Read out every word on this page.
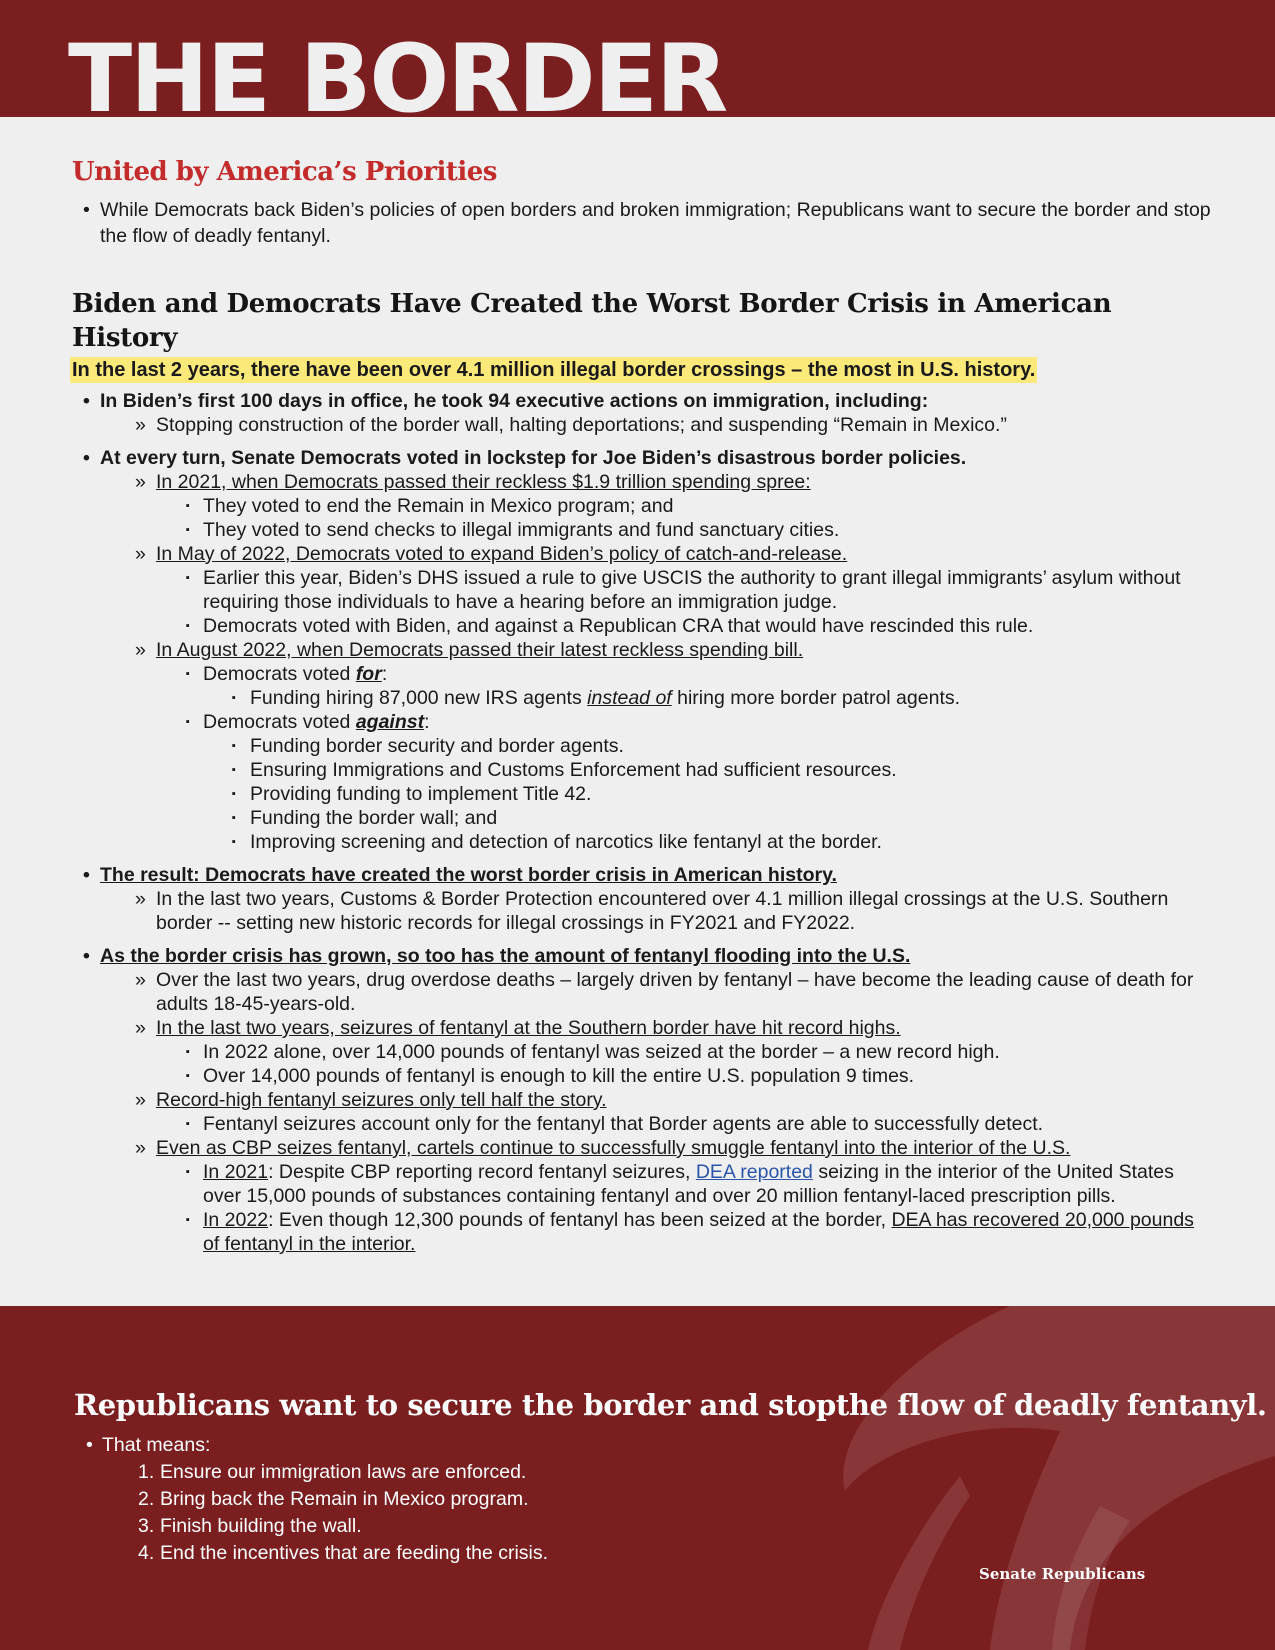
THE BORDER
United by America’s Priorities
• While Democrats back Biden’s policies of open borders and broken immigration; Republicans want to secure the border and stop the flow of deadly fentanyl.
Biden and Democrats Have Created the Worst Border Crisis in American History
In the last 2 years, there have been over 4.1 million illegal border crossings – the most in U.S. history.
• In Biden’s first 100 days in office, he took 94 executive actions on immigration, including:
» Stopping construction of the border wall, halting deportations; and suspending “Remain in Mexico.”
• At every turn, Senate Democrats voted in lockstep for Joe Biden’s disastrous border policies.
» In 2021, when Democrats passed their reckless $1.9 trillion spending spree:
· They voted to end the Remain in Mexico program; and
· They voted to send checks to illegal immigrants and fund sanctuary cities.
» In May of 2022, Democrats voted to expand Biden’s policy of catch-and-release.
· Earlier this year, Biden’s DHS issued a rule to give USCIS the authority to grant illegal immigrants’ asylum without requiring those individuals to have a hearing before an immigration judge.
· Democrats voted with Biden, and against a Republican CRA that would have rescinded this rule.
» In August 2022, when Democrats passed their latest reckless spending bill.
· Democrats voted for:
· Funding hiring 87,000 new IRS agents instead of hiring more border patrol agents.
· Democrats voted against:
· Funding border security and border agents.
· Ensuring Immigrations and Customs Enforcement had sufficient resources.
· Providing funding to implement Title 42.
· Funding the border wall; and
· Improving screening and detection of narcotics like fentanyl at the border.
• The result: Democrats have created the worst border crisis in American history.
» In the last two years, Customs & Border Protection encountered over 4.1 million illegal crossings at the U.S. Southern border -- setting new historic records for illegal crossings in FY2021 and FY2022.
• As the border crisis has grown, so too has the amount of fentanyl flooding into the U.S.
» Over the last two years, drug overdose deaths – largely driven by fentanyl – have become the leading cause of death for adults 18-45-years-old.
» In the last two years, seizures of fentanyl at the Southern border have hit record highs.
· In 2022 alone, over 14,000 pounds of fentanyl was seized at the border – a new record high.
· Over 14,000 pounds of fentanyl is enough to kill the entire U.S. population 9 times.
» Record-high fentanyl seizures only tell half the story.
· Fentanyl seizures account only for the fentanyl that Border agents are able to successfully detect.
» Even as CBP seizes fentanyl, cartels continue to successfully smuggle fentanyl into the interior of the U.S.
· In 2021: Despite CBP reporting record fentanyl seizures, DEA reported seizing in the interior of the United States over 15,000 pounds of substances containing fentanyl and over 20 million fentanyl-laced prescription pills.
· In 2022: Even though 12,300 pounds of fentanyl has been seized at the border, DEA has recovered 20,000 pounds of fentanyl in the interior.
Republicans want to secure the border and stopthe flow of deadly fentanyl.
• That means:
1. Ensure our immigration laws are enforced.
2. Bring back the Remain in Mexico program.
3. Finish building the wall.
4. End the incentives that are feeding the crisis.
Senate Republicans
